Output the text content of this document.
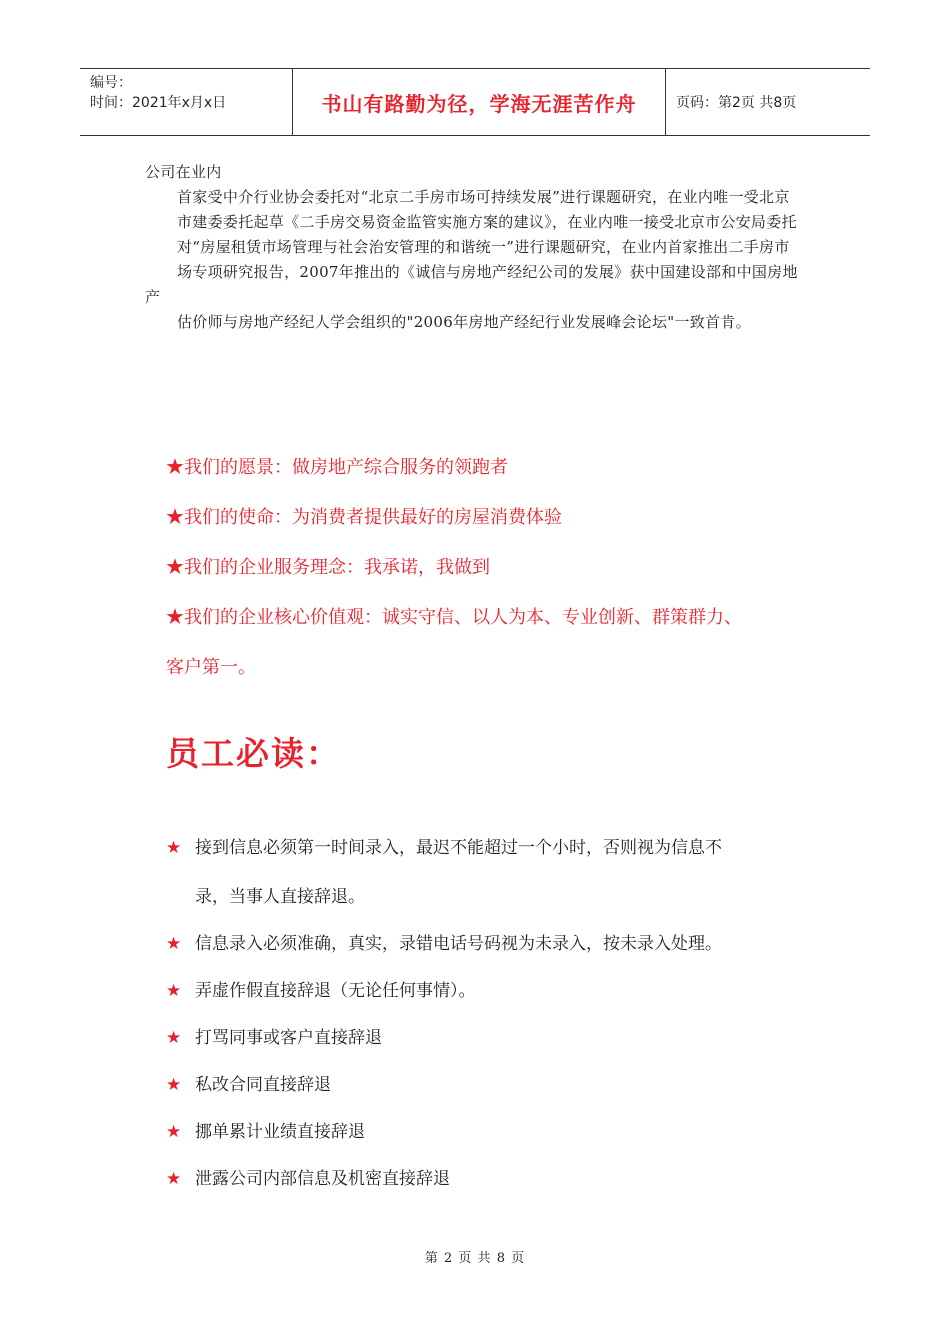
编号：
时间：2021年x月x日	书山有路勤为径，学海无涯苦作舟	页码：第2页 共8页

公司在业内

首家受中介行业协会委托对“北京二手房市场可持续发展”进行课题研究，在业内唯一受北京

市建委委托起草《二手房交易资金监管实施方案的建议》，在业内唯一接受北京市公安局委托

对“房屋租赁市场管理与社会治安管理的和谐统一”进行课题研究，在业内首家推出二手房市

场专项研究报告，2007年推出的《诚信与房地产经纪公司的发展》获中国建设部和中国房地产

估价师与房地产经纪人学会组织的"2006年房地产经纪行业发展峰会论坛"一致首肯。

★我们的愿景：做房地产综合服务的领跑者
★我们的使命：为消费者提供最好的房屋消费体验
★我们的企业服务理念：我承诺，我做到
★我们的企业核心价值观：诚实守信、以人为本、专业创新、群策群力、
客户第一。
员工必读：
★ 接到信息必须第一时间录入，最迟不能超过一个小时，否则视为信息不
录，当事人直接辞退。
★ 信息录入必须准确，真实，录错电话号码视为未录入，按未录入处理。
★ 弄虚作假直接辞退（无论任何事情）。
★ 打骂同事或客户直接辞退
★ 私改合同直接辞退
★ 挪单累计业绩直接辞退
★ 泄露公司内部信息及机密直接辞退
第 2 页 共 8 页
